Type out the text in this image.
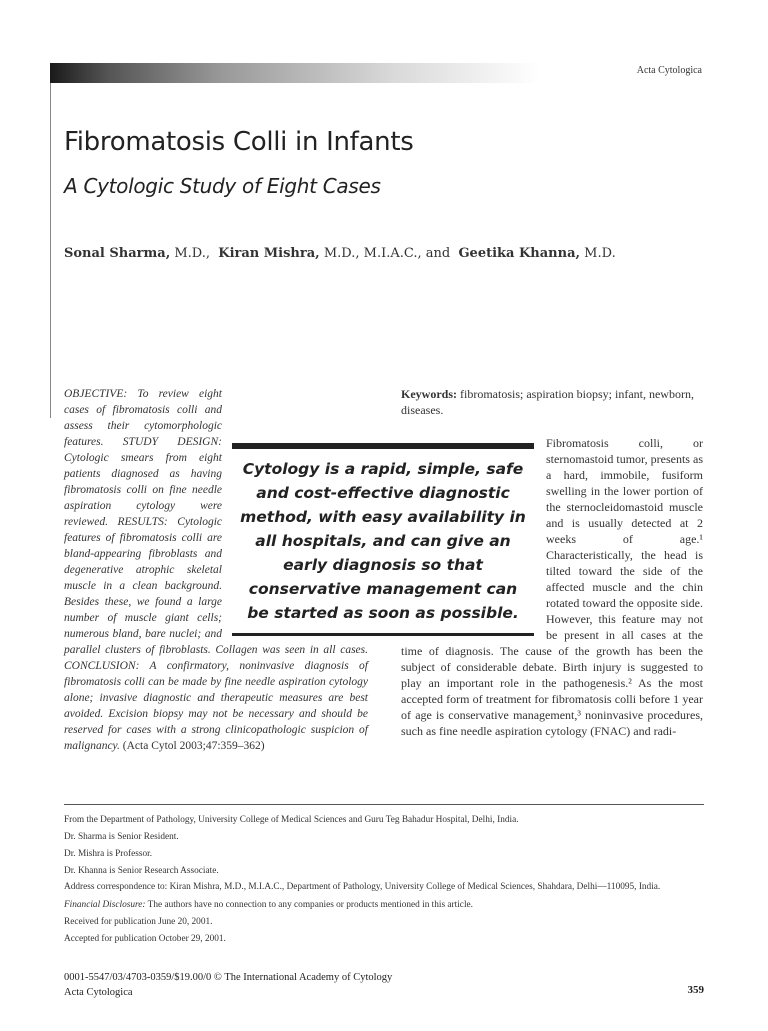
Acta Cytologica
Fibromatosis Colli in Infants
A Cytologic Study of Eight Cases
Sonal Sharma, M.D., Kiran Mishra, M.D., M.I.A.C., and Geetika Khanna, M.D.
OBJECTIVE: To review eight cases of fibromatosis colli and assess their cytomorphologic features. STUDY DESIGN: Cytologic smears from eight patients diagnosed as having fibromatosis colli on fine needle aspiration cytology were reviewed. RESULTS: Cytologic features of fibromatosis colli are bland-appearing fibroblasts and degenerative atrophic skeletal muscle in a clean background. Besides these, we found a large number of muscle giant cells; numerous bland, bare nuclei; and parallel clusters of fibroblasts. Collagen was seen in all cases. CONCLUSION: A confirmatory, noninvasive diagnosis of fibromatosis colli can be made by fine needle aspiration cytology alone; invasive diagnostic and therapeutic measures are best avoided. Excision biopsy may not be necessary and should be reserved for cases with a strong clinicopathologic suspicion of malignancy. (Acta Cytol 2003;47:359–362)
Keywords: fibromatosis; aspiration biopsy; infant, newborn, diseases.
Fibromatosis colli, or sternomastoid tumor, presents as a hard, immobile, fusiform swelling in the lower portion of the sternocleidomastoid muscle and is usually detected at 2 weeks of age.¹ Characteristically, the head is tilted toward the side of the affected muscle and the chin rotated toward the opposite side. However, this feature may not be present in all cases at the time of diagnosis. The cause of the growth has been the subject of considerable debate. Birth injury is suggested to play an important role in the pathogenesis.² As the most accepted form of treatment for fibromatosis colli before 1 year of age is conservative management,³ noninvasive procedures, such as fine needle aspiration cytology (FNAC) and radi-
Cytology is a rapid, simple, safe and cost-effective diagnostic method, with easy availability in all hospitals, and can give an early diagnosis so that conservative management can be started as soon as possible.

From the Department of Pathology, University College of Medical Sciences and Guru Teg Bahadur Hospital, Delhi, India.

Dr. Sharma is Senior Resident.

Dr. Mishra is Professor.

Dr. Khanna is Senior Research Associate.

Address correspondence to: Kiran Mishra, M.D., M.I.A.C., Department of Pathology, University College of Medical Sciences, Shahdara, Delhi—110095, India.

Financial Disclosure: The authors have no connection to any companies or products mentioned in this article.

Received for publication June 20, 2001.

Accepted for publication October 29, 2001.

0001-5547/03/4703-0359/$19.00/0 © The International Academy of Cytology
Acta Cytologica	359
